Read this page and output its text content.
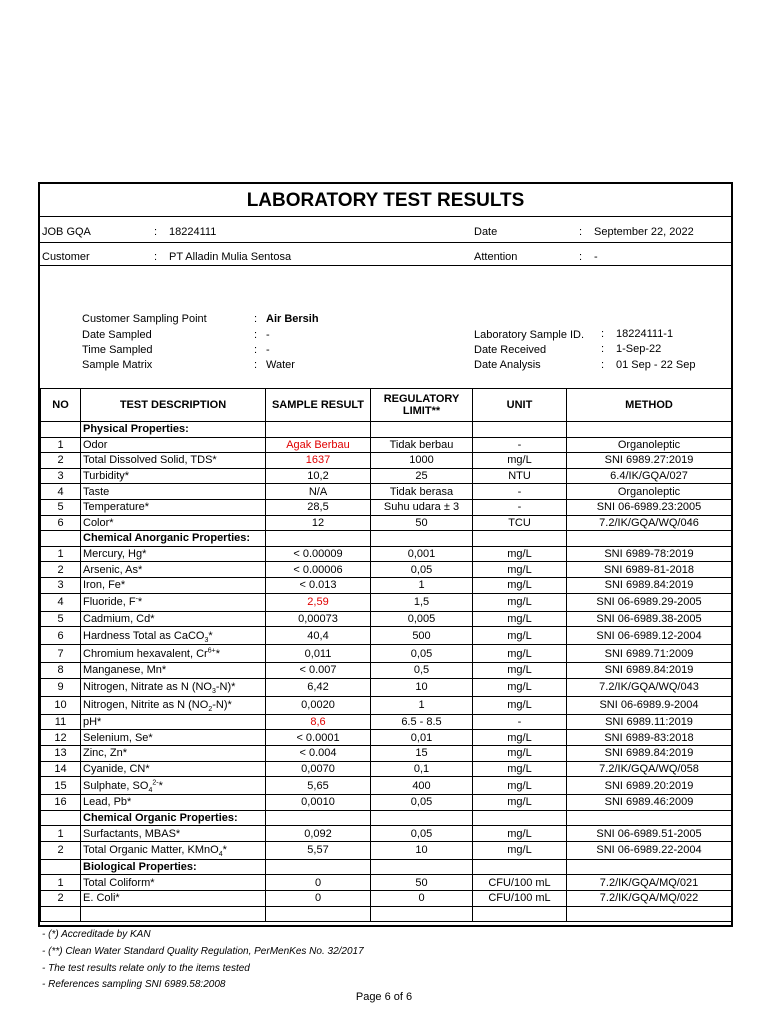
LABORATORY TEST RESULTS
JOB GQA	: 18224111	Date	: September 22, 2022
Customer	: PT Alladin Mulia Sentosa	Attention	: -
Customer Sampling Point	: Air Bersih
Date Sampled	: -
Time Sampled	: -
Sample Matrix	: Water
Laboratory Sample ID. : 18224111-1
Date Received	: 1-Sep-22
Date Analysis	: 01 Sep - 22 Sep
NO	TEST DESCRIPTION	SAMPLE RESULT	REGULATORY LIMIT**	UNIT	METHOD
	Physical Properties:				
1	Odor	Agak Berbau	Tidak berbau	-	Organoleptic
2	Total Dissolved Solid, TDS*	1637	1000	mg/L	SNI 6989.27:2019
3	Turbidity*	10,2	25	NTU	6.4/IK/GQA/027
4	Taste	N/A	Tidak berasa	-	Organoleptic
5	Temperature*	28,5	Suhu udara ± 3	-	SNI 06-6989.23:2005
6	Color*	12	50	TCU	7.2/IK/GQA/WQ/046
	Chemical Anorganic Properties:				
1	Mercury, Hg*	< 0.00009	0,001	mg/L	SNI 6989-78:2019
2	Arsenic, As*	< 0.00006	0,05	mg/L	SNI 6989-81-2018
3	Iron, Fe*	< 0.013	1	mg/L	SNI 6989.84:2019
4	Fluoride, F-*	2,59	1,5	mg/L	SNI 06-6989.29-2005
5	Cadmium, Cd*	0,00073	0,005	mg/L	SNI 06-6989.38-2005
6	Hardness Total as CaCO$_3$*	40,4	500	mg/L	SNI 06-6989.12-2004
7	Chromium hexavalent, $Cr^{6+}*$	0,011	0,05	mg/L	SNI 6989.71:2009
8	Manganese, Mn*	< 0.007	0,5	mg/L	SNI 6989.84:2019
9	Nitrogen, Nitrate as N $(NO_3-N)*$	6,42	10	mg/L	7.2/IK/GQA/WQ/043
10	Nitrogen, Nitrite as N $(NO_2-N)*$	0,0020	1	mg/L	SNI 06-6989.9-2004
11	pH*	8,6	6.5 - 8.5	-	SNI 6989.11:2019
12	Selenium, Se*	< 0.0001	0,01	mg/L	SNI 6989-83:2018
13	Zinc, Zn*	< 0.004	15	mg/L	SNI 6989.84:2019
14	Cyanide, CN*	0,0070	0,1	mg/L	7.2/IK/GQA/WQ/058
15	Sulphate, $SO_4^{2-}*$	5,65	400	mg/L	SNI 6989.20:2019
16	Lead, Pb*	0,0010	0,05	mg/L	SNI 6989.46:2009
	Chemical Organic Properties:				
1	Surfactants, MBAS*	0,092	0,05	mg/L	SNI 06-6989.51-2005
2	Total Organic Matter, KMnO$_4$*	5,57	10	mg/L	SNI 06-6989.22-2004
	Biological Properties:				
1	Total Coliform*	0	50	CFU/100 mL	7.2/IK/GQA/MQ/021
2	E. Coli*	0	0	CFU/100 mL	7.2/IK/GQA/MQ/022

- (*) Accreditade by KAN
- (**) Clean Water Standard Quality Regulation, PerMenKes No. 32/2017
- The test results relate only to the items tested
- References sampling SNI 6989.58:2008
Page 6 of 6
